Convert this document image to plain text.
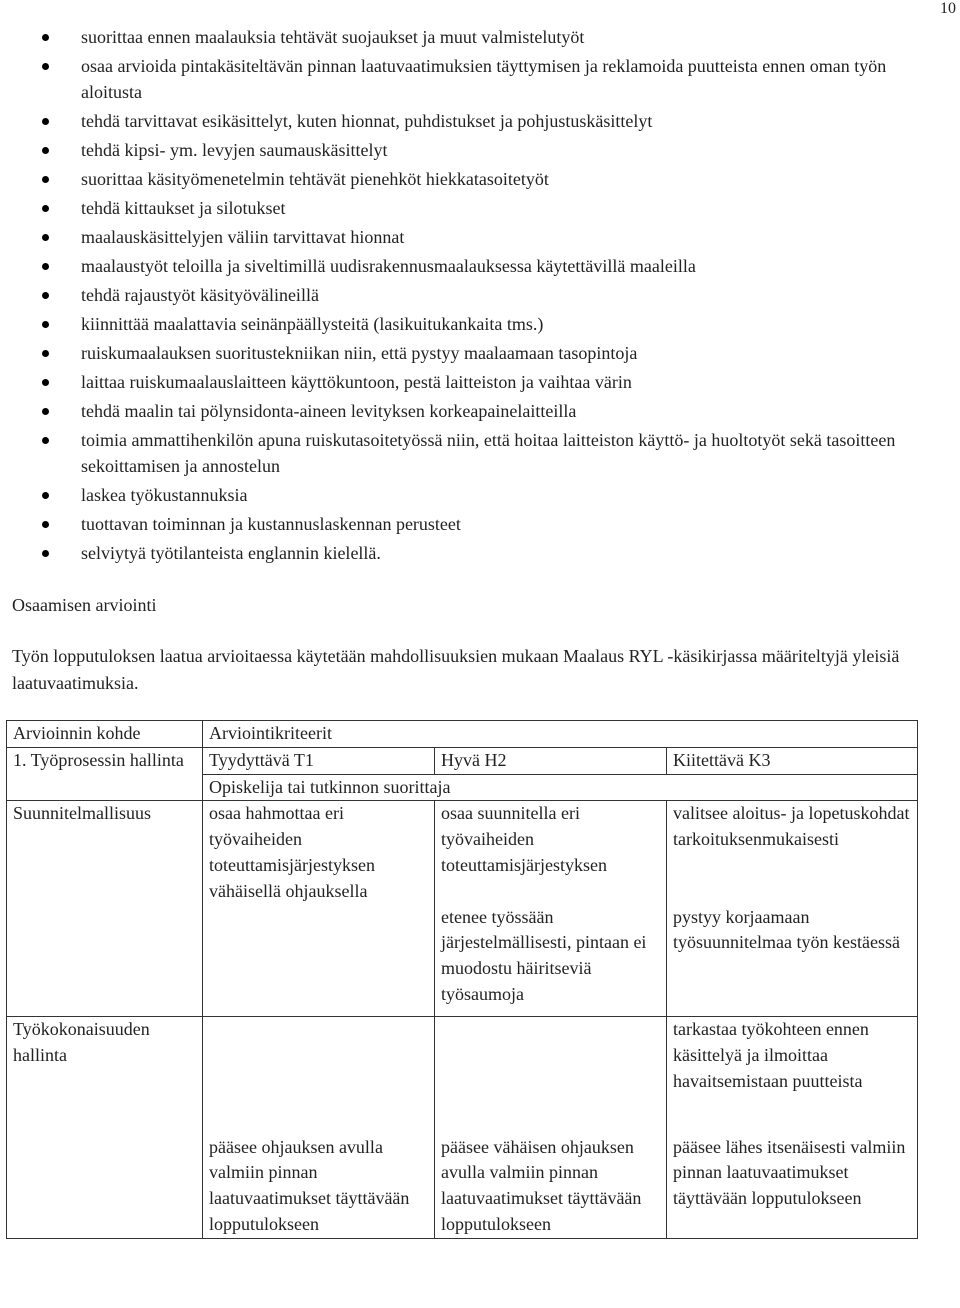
10
suorittaa ennen maalauksia tehtävät suojaukset ja muut valmistelutyöt
osaa arvioida pintakäsiteltävän pinnan laatuvaatimuksien täyttymisen ja reklamoida puutteista ennen oman työn aloitusta
tehdä tarvittavat esikäsittelyt, kuten hionnat, puhdistukset ja pohjustuskäsittelyt
tehdä kipsi- ym. levyjen saumauskäsittelyt
suorittaa käsityömenetelmin tehtävät pienehköt hiekkatasoitetyöt
tehdä kittaukset ja silotukset
maalauskäsittelyjen väliin tarvittavat hionnat
maalaustyöt teloilla ja siveltimillä uudisrakennusmaalauksessa käytettävillä maaleilla
tehdä rajaustyöt käsityövälineillä
kiinnittää maalattavia seinänpäällysteitä (lasikuitukankaita tms.)
ruiskumaalauksen suoritustekniikan niin, että pystyy maalaamaan tasopintoja
laittaa ruiskumaalauslaitteen käyttökuntoon, pestä laitteiston ja vaihtaa värin
tehdä maalin tai pölynsidonta-aineen levityksen korkeapainelaitteilla
toimia ammattihenkilön apuna ruiskutasoitetyössä niin, että hoitaa laitteiston käyttö- ja huoltotyöt sekä tasoitteen sekoittamisen ja annostelun
laskea työkustannuksia
tuottavan toiminnan ja kustannuslaskennan perusteet
selviytyä työtilanteista englannin kielellä.
Osaamisen arviointi

Työn lopputuloksen laatua arvioitaessa käytetään mahdollisuuksien mukaan Maalaus RYL -käsikirjassa määriteltyjä yleisiä laatuvaatimuksia.

Arvioinnin kohde	Arviointikriteerit		
1. Työprosessin hallinta	Tyydyttävä T1	Hyvä H2	Kiitettävä K3
	Opiskelija tai tutkinnon suorittaja		
Suunnitelmallisuus	osaa hahmottaa eri työvaiheiden toteuttamisjärjestyksen vähäisellä ohjauksella	osaa suunnitella eri työvaiheiden toteuttamisjärjestyksen	valitsee aloitus- ja lopetuskohdat tarkoituksenmukaisesti
		etenee työssään järjestelmällisesti, pintaan ei muodostu häiritseviä työsaumoja	pystyy korjaamaan työsuunnitelmaa työn kestäessä
Työkokonaisuuden hallinta			tarkastaa työkohteen ennen käsittelyä ja ilmoittaa havaitsemistaan puutteista
	pääsee ohjauksen avulla valmiin pinnan laatuvaatimukset täyttävään lopputulokseen	pääsee vähäisen ohjauksen avulla valmiin pinnan laatuvaatimukset täyttävään lopputulokseen	pääsee lähes itsenäisesti valmiin pinnan laatuvaatimukset täyttävään lopputulokseen
